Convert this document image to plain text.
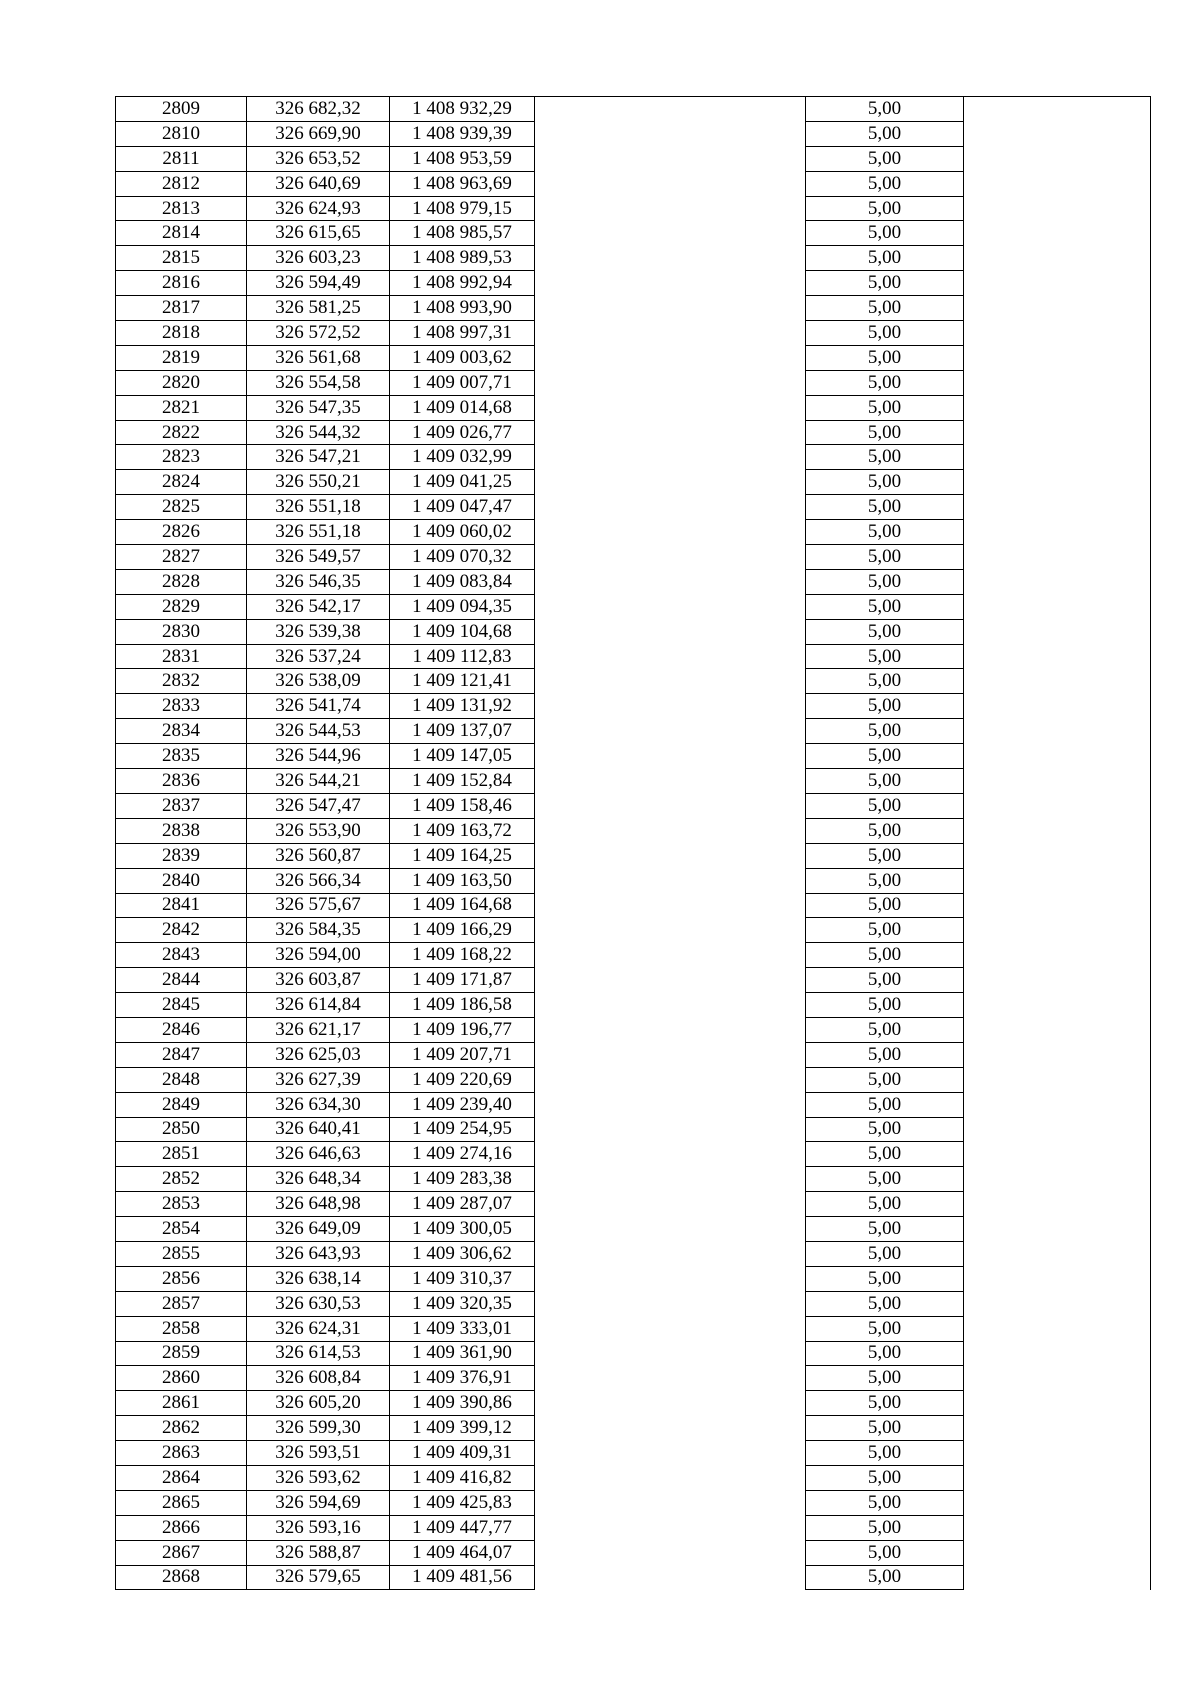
2809	326 682,32	1 408 932,29		5,00	
2810	326 669,90	1 408 939,39		5,00	
2811	326 653,52	1 408 953,59		5,00	
2812	326 640,69	1 408 963,69		5,00	
2813	326 624,93	1 408 979,15		5,00	
2814	326 615,65	1 408 985,57		5,00	
2815	326 603,23	1 408 989,53		5,00	
2816	326 594,49	1 408 992,94		5,00	
2817	326 581,25	1 408 993,90		5,00	
2818	326 572,52	1 408 997,31		5,00	
2819	326 561,68	1 409 003,62		5,00	
2820	326 554,58	1 409 007,71		5,00	
2821	326 547,35	1 409 014,68		5,00	
2822	326 544,32	1 409 026,77		5,00	
2823	326 547,21	1 409 032,99		5,00	
2824	326 550,21	1 409 041,25		5,00	
2825	326 551,18	1 409 047,47		5,00	
2826	326 551,18	1 409 060,02		5,00	
2827	326 549,57	1 409 070,32		5,00	
2828	326 546,35	1 409 083,84		5,00	
2829	326 542,17	1 409 094,35		5,00	
2830	326 539,38	1 409 104,68		5,00	
2831	326 537,24	1 409 112,83		5,00	
2832	326 538,09	1 409 121,41		5,00	
2833	326 541,74	1 409 131,92		5,00	
2834	326 544,53	1 409 137,07		5,00	
2835	326 544,96	1 409 147,05		5,00	
2836	326 544,21	1 409 152,84		5,00	
2837	326 547,47	1 409 158,46		5,00	
2838	326 553,90	1 409 163,72		5,00	
2839	326 560,87	1 409 164,25		5,00	
2840	326 566,34	1 409 163,50		5,00	
2841	326 575,67	1 409 164,68		5,00	
2842	326 584,35	1 409 166,29		5,00	
2843	326 594,00	1 409 168,22		5,00	
2844	326 603,87	1 409 171,87		5,00	
2845	326 614,84	1 409 186,58		5,00	
2846	326 621,17	1 409 196,77		5,00	
2847	326 625,03	1 409 207,71		5,00	
2848	326 627,39	1 409 220,69		5,00	
2849	326 634,30	1 409 239,40		5,00	
2850	326 640,41	1 409 254,95		5,00	
2851	326 646,63	1 409 274,16		5,00	
2852	326 648,34	1 409 283,38		5,00	
2853	326 648,98	1 409 287,07		5,00	
2854	326 649,09	1 409 300,05		5,00	
2855	326 643,93	1 409 306,62		5,00	
2856	326 638,14	1 409 310,37		5,00	
2857	326 630,53	1 409 320,35		5,00	
2858	326 624,31	1 409 333,01		5,00	
2859	326 614,53	1 409 361,90		5,00	
2860	326 608,84	1 409 376,91		5,00	
2861	326 605,20	1 409 390,86		5,00	
2862	326 599,30	1 409 399,12		5,00	
2863	326 593,51	1 409 409,31		5,00	
2864	326 593,62	1 409 416,82		5,00	
2865	326 594,69	1 409 425,83		5,00	
2866	326 593,16	1 409 447,77		5,00	
2867	326 588,87	1 409 464,07		5,00	
2868	326 579,65	1 409 481,56		5,00	
